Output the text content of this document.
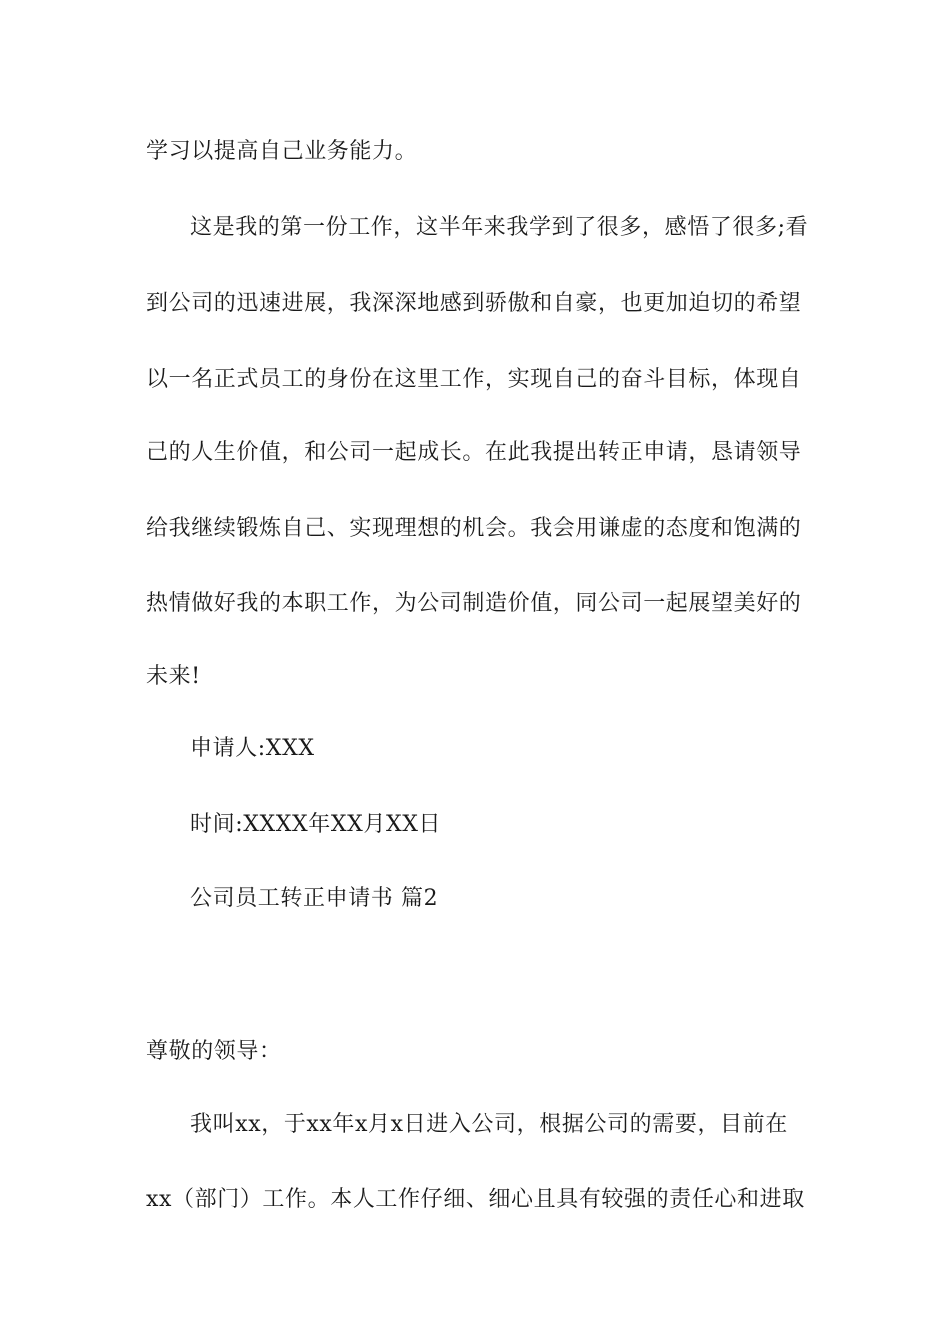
学习以提高自己业务能力。
这是我的第一份工作，这半年来我学到了很多，感悟了很多;看
到公司的迅速进展，我深深地感到骄傲和自豪，也更加迫切的希望
以一名正式员工的身份在这里工作，实现自己的奋斗目标，体现自
己的人生价值，和公司一起成长。在此我提出转正申请，恳请领导
给我继续锻炼自己、实现理想的机会。我会用谦虚的态度和饱满的
热情做好我的本职工作，为公司制造价值，同公司一起展望美好的
未来!
申请人:XXX
时间:XXXX年XX月XX日
公司员工转正申请书 篇2
尊敬的领导：
我叫xx，于xx年x月x日进入公司，根据公司的需要，目前在
xx（部门）工作。本人工作仔细、细心且具有较强的责任心和进取
